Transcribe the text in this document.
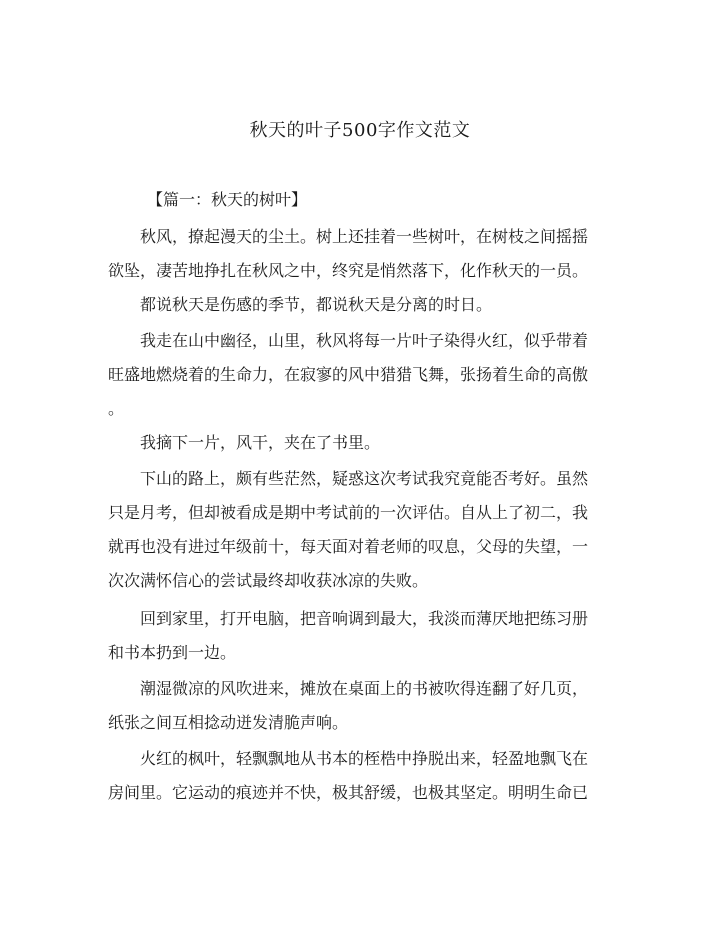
秋天的叶子500字作文范文
【篇一：秋天的树叶】
　　秋风，撩起漫天的尘土。树上还挂着一些树叶，在树枝之间摇摇
欲坠，凄苦地挣扎在秋风之中，终究是悄然落下，化作秋天的一员。
　　都说秋天是伤感的季节，都说秋天是分离的时日。
　　我走在山中幽径，山里，秋风将每一片叶子染得火红，似乎带着
旺盛地燃烧着的生命力，在寂寥的风中猎猎飞舞，张扬着生命的高傲
。
　　我摘下一片，风干，夹在了书里。
　　下山的路上，颇有些茫然，疑惑这次考试我究竟能否考好。虽然
只是月考，但却被看成是期中考试前的一次评估。自从上了初二，我
就再也没有进过年级前十，每天面对着老师的叹息，父母的失望，一
次次满怀信心的尝试最终却收获冰凉的失败。
　　回到家里，打开电脑，把音响调到最大，我淡而薄厌地把练习册
和书本扔到一边。
　　潮湿微凉的风吹进来，摊放在桌面上的书被吹得连翻了好几页，
纸张之间互相捻动迸发清脆声响。
　　火红的枫叶，轻飘飘地从书本的桎梏中挣脱出来，轻盈地飘飞在
房间里。它运动的痕迹并不快，极其舒缓，也极其坚定。明明生命已
